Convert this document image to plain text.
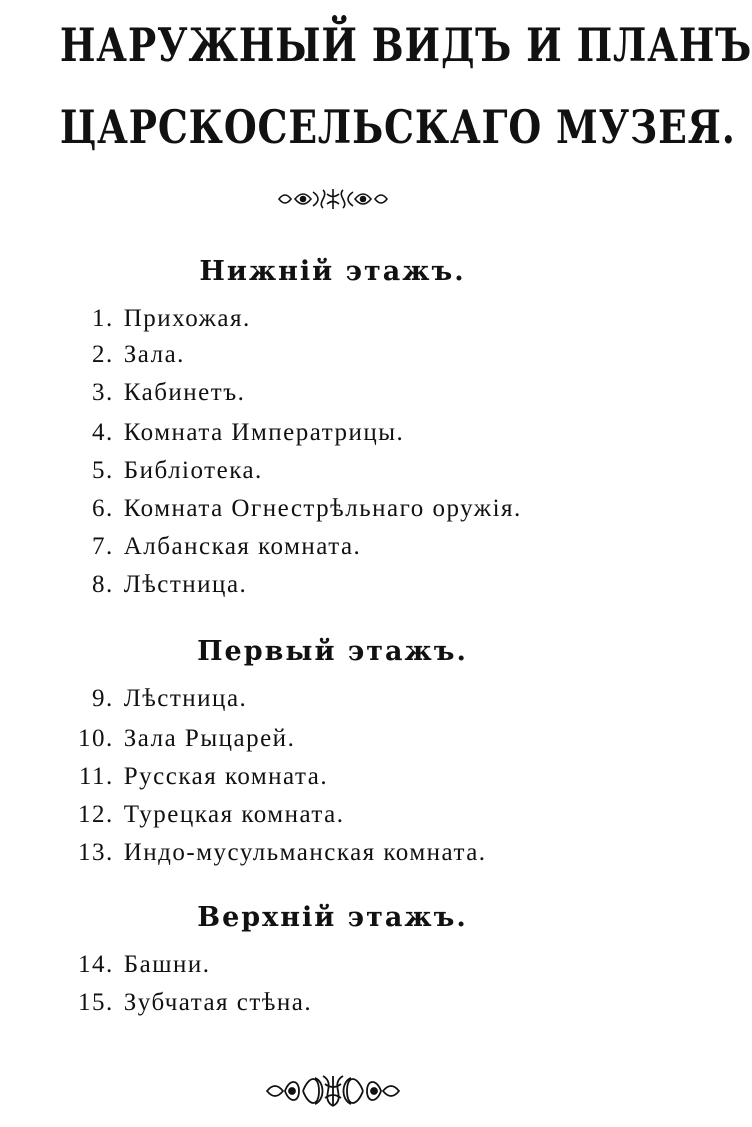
НАРУЖНЫЙ ВИДЪ И ПЛАНЪ
ЦАРСКОСЕЛЬСКАГО МУЗЕЯ.
Нижній этажъ.
1. Прихожая.
2. Зала.
3. Кабинетъ.
4. Комната Императрицы.
5. Библіотека.
6. Комната Огнестрѣльнаго оружія.
7. Албанская комната.
8. Лѣстница.
Первый этажъ.
9. Лѣстница.
10. Зала Рыцарей.
11. Русская комната.
12. Турецкая комната.
13. Индо-мусульманская комната.
Верхній этажъ.
14. Башни.
15. Зубчатая стѣна.
